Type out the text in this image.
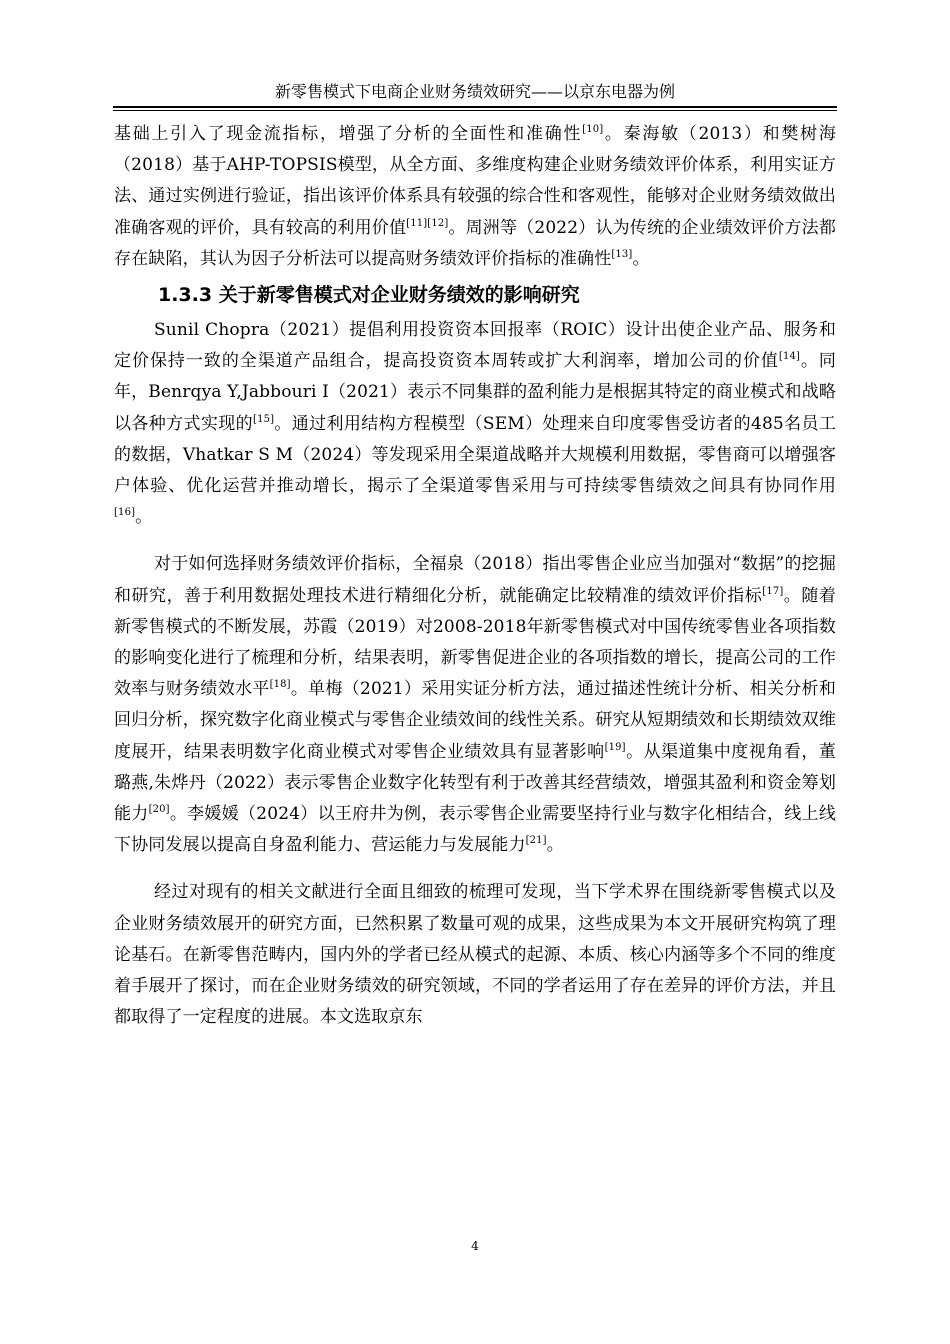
新零售模式下电商企业财务绩效研究——以京东电器为例

基础上引入了现金流指标，增强了分析的全面性和准确性[10]。秦海敏（2013）和樊树海（2018）基于AHP-TOPSIS模型，从全方面、多维度构建企业财务绩效评价体系，利用实证方法、通过实例进行验证，指出该评价体系具有较强的综合性和客观性，能够对企业财务绩效做出准确客观的评价，具有较高的利用价值[11][12]。周洲等（2022）认为传统的企业绩效评价方法都存在缺陷，其认为因子分析法可以提高财务绩效评价指标的准确性[13]。

1.3.3 关于新零售模式对企业财务绩效的影响研究

Sunil Chopra（2021）提倡利用投资资本回报率（ROIC）设计出使企业产品、服务和定价保持一致的全渠道产品组合，提高投资资本周转或扩大利润率，增加公司的价值[14]。同年，Benrqya Y,Jabbouri I（2021）表示不同集群的盈利能力是根据其特定的商业模式和战略以各种方式实现的[15]。通过利用结构方程模型（SEM）处理来自印度零售受访者的485名员工的数据，Vhatkar S M（2024）等发现采用全渠道战略并大规模利用数据，零售商可以增强客户体验、优化运营并推动增长，揭示了全渠道零售采用与可持续零售绩效之间具有协同作用[16]。

对于如何选择财务绩效评价指标，全福泉（2018）指出零售企业应当加强对“数据”的挖掘和研究，善于利用数据处理技术进行精细化分析，就能确定比较精准的绩效评价指标[17]。随着新零售模式的不断发展，苏霞（2019）对2008-2018年新零售模式对中国传统零售业各项指数的影响变化进行了梳理和分析，结果表明，新零售促进企业的各项指数的增长，提高公司的工作效率与财务绩效水平[18]。单梅（2021）采用实证分析方法，通过描述性统计分析、相关分析和回归分析，探究数字化商业模式与零售企业绩效间的线性关系。研究从短期绩效和长期绩效双维度展开，结果表明数字化商业模式对零售企业绩效具有显著影响[19]。从渠道集中度视角看，董璐燕,朱烨丹（2022）表示零售企业数字化转型有利于改善其经营绩效，增强其盈利和资金筹划能力[20]。李媛媛（2024）以王府井为例，表示零售企业需要坚持行业与数字化相结合，线上线下协同发展以提高自身盈利能力、营运能力与发展能力[21]。

经过对现有的相关文献进行全面且细致的梳理可发现，当下学术界在围绕新零售模式以及企业财务绩效展开的研究方面，已然积累了数量可观的成果，这些成果为本文开展研究构筑了理论基石。在新零售范畴内，国内外的学者已经从模式的起源、本质、核心内涵等多个不同的维度着手展开了探讨，而在企业财务绩效的研究领域，不同的学者运用了存在差异的评价方法，并且都取得了一定程度的进展。本文选取京东

4
